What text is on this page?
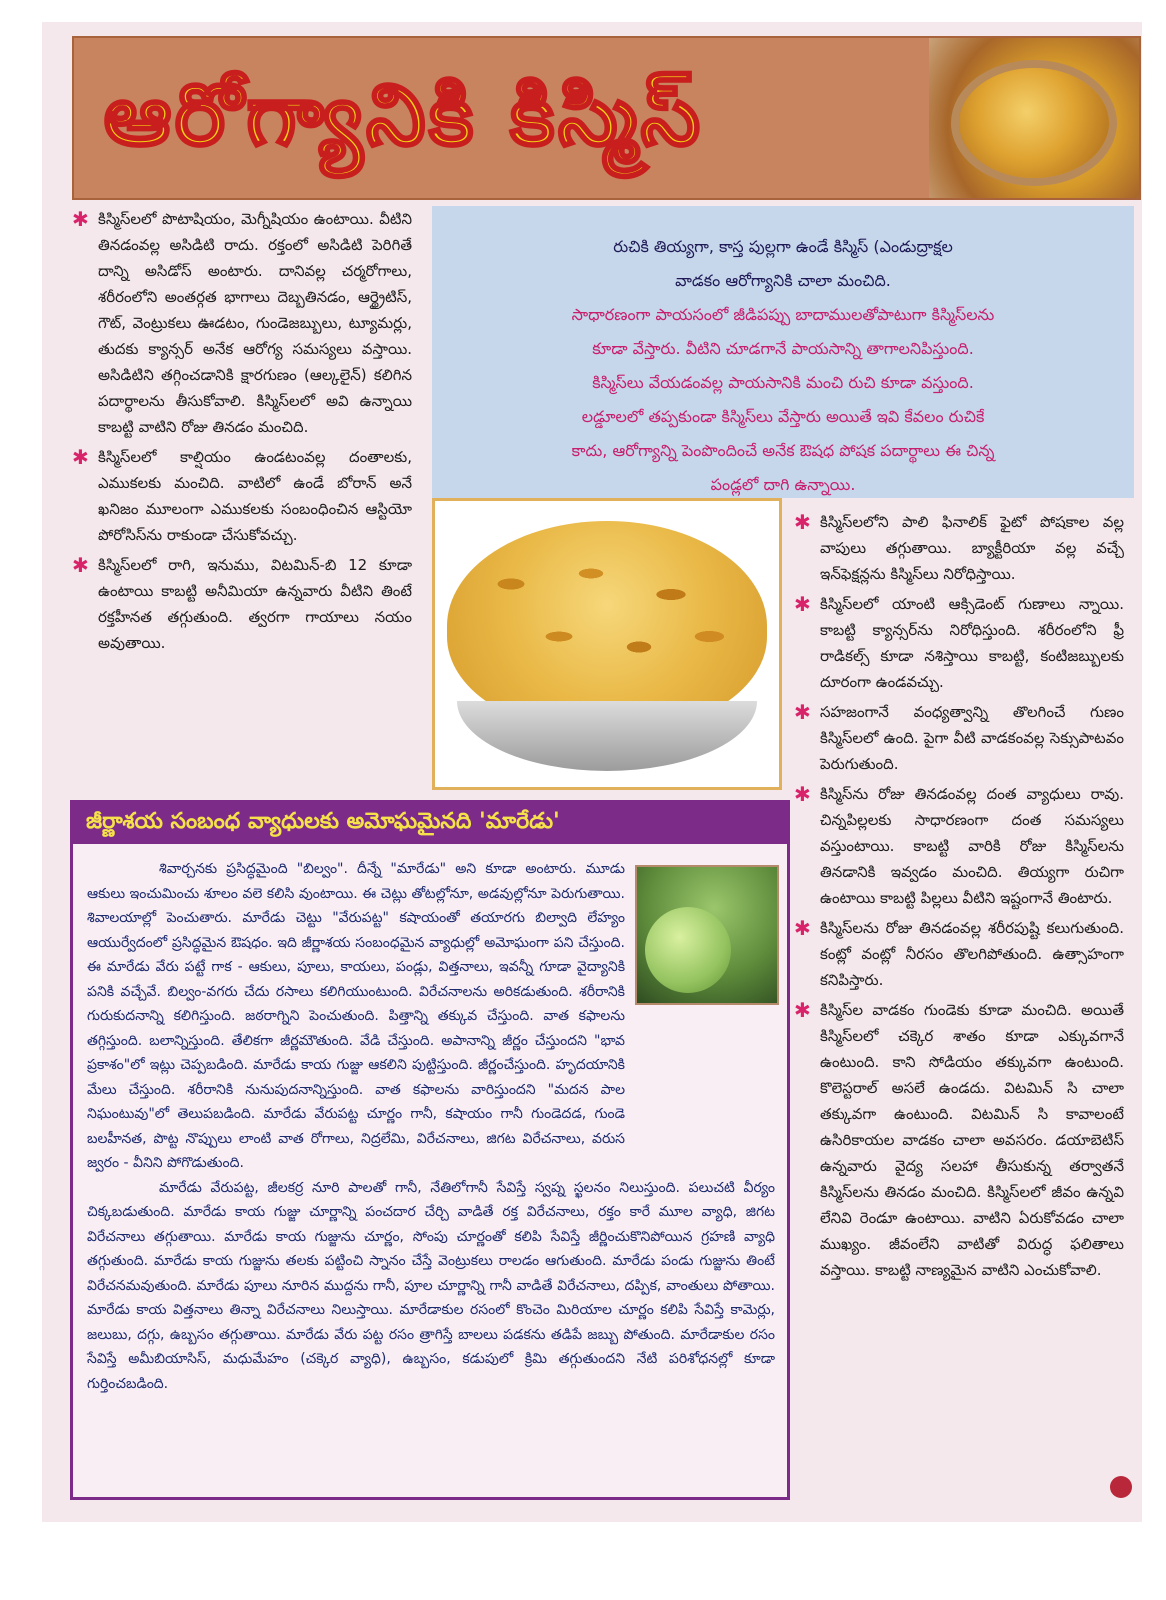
ఆరోగ్యానికి కిస్మిస్
✱ కిస్మిస్‌లలో పొటాషియం, మెగ్నీషియం ఉంటాయి. వీటిని తినడంవల్ల అసిడిటి రాదు. రక్తంలో అసిడిటి పెరిగితే దాన్ని అసిడోస్ అంటారు. దానివల్ల చర్మరోగాలు, శరీరంలోని అంతర్గత భాగాలు దెబ్బతినడం, ఆర్థ్రైటిస్, గౌట్, వెంట్రుకలు ఊడటం, గుండెజబ్బులు, ట్యూమర్లు, తుదకు క్యాన్సర్ అనేక ఆరోగ్య సమస్యలు వస్తాయి. అసిడిటిని తగ్గించడానికి క్షారగుణం (ఆల్కలైన్) కలిగిన పదార్థాలను తీసుకోవాలి. కిస్మిస్‌లలో అవి ఉన్నాయి కాబట్టి వాటిని రోజు తినడం మంచిది.
✱ కిస్మిస్‌లలో కాల్షియం ఉండటంవల్ల దంతాలకు, ఎముకలకు మంచిది. వాటిలో ఉండే బోరాన్ అనే ఖనిజం మూలంగా ఎముకలకు సంబంధించిన ఆస్టియో పోరోసిస్‌ను రాకుండా చేసుకోవచ్చు.
✱ కిస్మిస్‌లలో రాగి, ఇనుము, విటమిన్-బి 12 కూడా ఉంటాయి కాబట్టి అనీమియా ఉన్నవారు వీటిని తింటే రక్తహీనత తగ్గుతుంది. త్వరగా గాయాలు నయం అవుతాయి.

రుచికి తియ్యగా, కాస్త పుల్లగా ఉండే కిస్మిస్ (ఎండుద్రాక్షల

వాడకం ఆరోగ్యానికి చాలా మంచిది.

సాధారణంగా పాయసంలో జీడిపప్పు బాదాములతోపాటుగా కిస్మిస్‌లను

కూడా వేస్తారు. వీటిని చూడగానే పాయసాన్ని తాగాలనిపిస్తుంది.

కిస్మిస్‌లు వేయడంవల్ల పాయసానికి మంచి రుచి కూడా వస్తుంది.

లడ్డూలలో తప్పకుండా కిస్మిస్‌లు వేస్తారు అయితే ఇవి కేవలం రుచికే

కాదు, ఆరోగ్యాన్ని పెంపొందించే అనేక ఔషధ పోషక పదార్థాలు ఈ చిన్న

పండ్లలో దాగి ఉన్నాయి.

✱ కిస్మిస్‌లలోని పాలి ఫినాలిక్ ఫైటో పోషకాల వల్ల వాపులు తగ్గుతాయి. బ్యాక్టీరియా వల్ల వచ్చే ఇన్‌ఫెక్షన్లను కిస్మిస్‌లు నిరోధిస్తాయి.
✱ కిస్మిస్‌లలో యాంటి ఆక్సిడెంట్ గుణాలు న్నాయి. కాబట్టి క్యాన్సర్‌ను నిరోధిస్తుంది. శరీరంలోని ఫ్రీ రాడికల్స్ కూడా నశిస్తాయి కాబట్టి, కంటిజబ్బులకు దూరంగా ఉండవచ్చు.
✱ సహజంగానే వంధ్యత్వాన్ని తొలగించే గుణం కిస్మిస్‌లలో ఉంది. పైగా వీటి వాడకంవల్ల సెక్సుపాటవం పెరుగుతుంది.
✱ కిస్మిస్‌ను రోజు తినడంవల్ల దంత వ్యాధులు రావు. చిన్నపిల్లలకు సాధారణంగా దంత సమస్యలు వస్తుంటాయి. కాబట్టి వారికి రోజు కిస్మిస్‌లను తినడానికి ఇవ్వడం మంచిది. తియ్యగా రుచిగా ఉంటాయి కాబట్టి పిల్లలు వీటిని ఇష్టంగానే తింటారు.
✱ కిస్మిస్‌లను రోజు తినడంవల్ల శరీరపుష్టి కలుగుతుంది. కంట్లో వంట్లో నీరసం తొలగిపోతుంది. ఉత్సాహంగా కనిపిస్తారు.
✱ కిస్మిస్‌ల వాడకం గుండెకు కూడా మంచిది. అయితే కిస్మిస్‌లలో చక్కెర శాతం కూడా ఎక్కువగానే ఉంటుంది. కాని సోడియం తక్కువగా ఉంటుంది. కొలెస్టరాల్ అసలే ఉండదు. విటమిన్ సి చాలా తక్కువగా ఉంటుంది. విటమిన్ సి కావాలంటే ఉసిరికాయల వాడకం చాలా అవసరం. డయాబెటిస్ ఉన్నవారు వైద్య సలహా తీసుకున్న తర్వాతనే కిస్మిస్‌లను తినడం మంచిది. కిస్మిస్‌లలో జీవం ఉన్నవి లేనివి రెండూ ఉంటాయి. వాటిని ఏరుకోవడం చాలా ముఖ్యం. జీవంలేని వాటితో విరుద్ధ ఫలితాలు వస్తాయి. కాబట్టి నాణ్యమైన వాటిని ఎంచుకోవాలి.
జీర్ణాశయ సంబంధ వ్యాధులకు అమోఘమైనది 'మారేడు'

శివార్చనకు ప్రసిద్ధమైంది "బిల్వం". దీన్నే "మారేడు" అని కూడా అంటారు. మూడు ఆకులు ఇంచుమించు శూలం వలె కలిసి వుంటాయి. ఈ చెట్లు తోటల్లోనూ, అడవుల్లోనూ పెరుగుతాయి. శివాలయాల్లో పెంచుతారు. మారేడు చెట్టు "వేరుపట్ట" కషాయంతో తయారగు బిల్వాది లేహ్యం ఆయుర్వేదంలో ప్రసిద్ధమైన ఔషధం. ఇది జీర్ణాశయ సంబంధమైన వ్యాధుల్లో అమోఘంగా పని చేస్తుంది. ఈ మారేడు వేరు పట్టే గాక - ఆకులు, పూలు, కాయలు, పండ్లు, విత్తనాలు, ఇవన్నీ గూడా వైద్యానికి పనికి వచ్చేవే. బిల్వం-వగరు చేదు రసాలు కలిగియుంటుంది. విరేచనాలను అరికడుతుంది. శరీరానికి గురుకుదనాన్ని కలిగిస్తుంది. జఠరాగ్నిని పెంచుతుంది. పిత్తాన్ని తక్కువ చేస్తుంది. వాత కఫాలను తగ్గిస్తుంది. బలాన్నిస్తుంది. తేలికగా జీర్ణమౌతుంది. వేడి చేస్తుంది. అపానాన్ని జీర్ణం చేస్తుందని "భావ ప్రకాశం"లో ఇట్లు చెప్పబడింది. మారేడు కాయ గుజ్జు ఆకలిని పుట్టిస్తుంది. జీర్ణంచేస్తుంది. హృదయానికి మేలు చేస్తుంది. శరీరానికి నునుపుదనాన్నిస్తుంది. వాత కఫాలను వారిస్తుందని "మదన పాల నిఘంటువు"లో తెలుపబడింది. మారేడు వేరుపట్ట చూర్ణం గానీ, కషాయం గానీ గుండెదడ, గుండె బలహీనత, పొట్ట నొప్పులు లాంటి వాత రోగాలు, నిద్రలేమి, విరేచనాలు, జిగట విరేచనాలు, వరుస జ్వరం - వీనిని పోగొడుతుంది.

మారేడు వేరుపట్ట, జీలకర్ర నూరి పాలతో గానీ, నేతిలోగానీ సేవిస్తే స్వప్న స్ఖలనం నిలుస్తుంది. పలుచటి వీర్యం చిక్కబడుతుంది. మారేడు కాయ గుజ్జు చూర్ణాన్ని పంచదార చేర్చి వాడితే రక్త విరేచనాలు, రక్తం కారే మూల వ్యాధి, జిగట విరేచనాలు తగ్గుతాయి. మారేడు కాయ గుజ్జును చూర్ణం, సోంపు చూర్ణంతో కలిపి సేవిస్తే జీర్ణించుకొనిపోయిన గ్రహణి వ్యాధి తగ్గుతుంది. మారేడు కాయ గుజ్జును తలకు పట్టించి స్నానం చేస్తే వెంట్రుకలు రాలడం ఆగుతుంది. మారేడు పండు గుజ్జును తింటే విరేచనమవుతుంది. మారేడు పూలు నూరిన ముద్దను గానీ, పూల చూర్ణాన్ని గానీ వాడితే విరేచనాలు, దప్పిక, వాంతులు పోతాయి. మారేడు కాయ విత్తనాలు తిన్నా విరేచనాలు నిలుస్తాయి. మారేడాకుల రసంలో కొంచెం మిరియాల చూర్ణం కలిపి సేవిస్తే కామెర్లు, జలుబు, దగ్గు, ఉబ్బసం తగ్గుతాయి. మారేడు వేరు పట్ట రసం త్రాగిస్తే బాలలు పడకను తడిపే జబ్బు పోతుంది. మారేడాకుల రసం సేవిస్తే అమీబియాసిస్, మధుమేహం (చక్కెర వ్యాధి), ఉబ్బసం, కడుపులో క్రిమి తగ్గుతుందని నేటి పరిశోధనల్లో కూడా గుర్తించబడింది.
